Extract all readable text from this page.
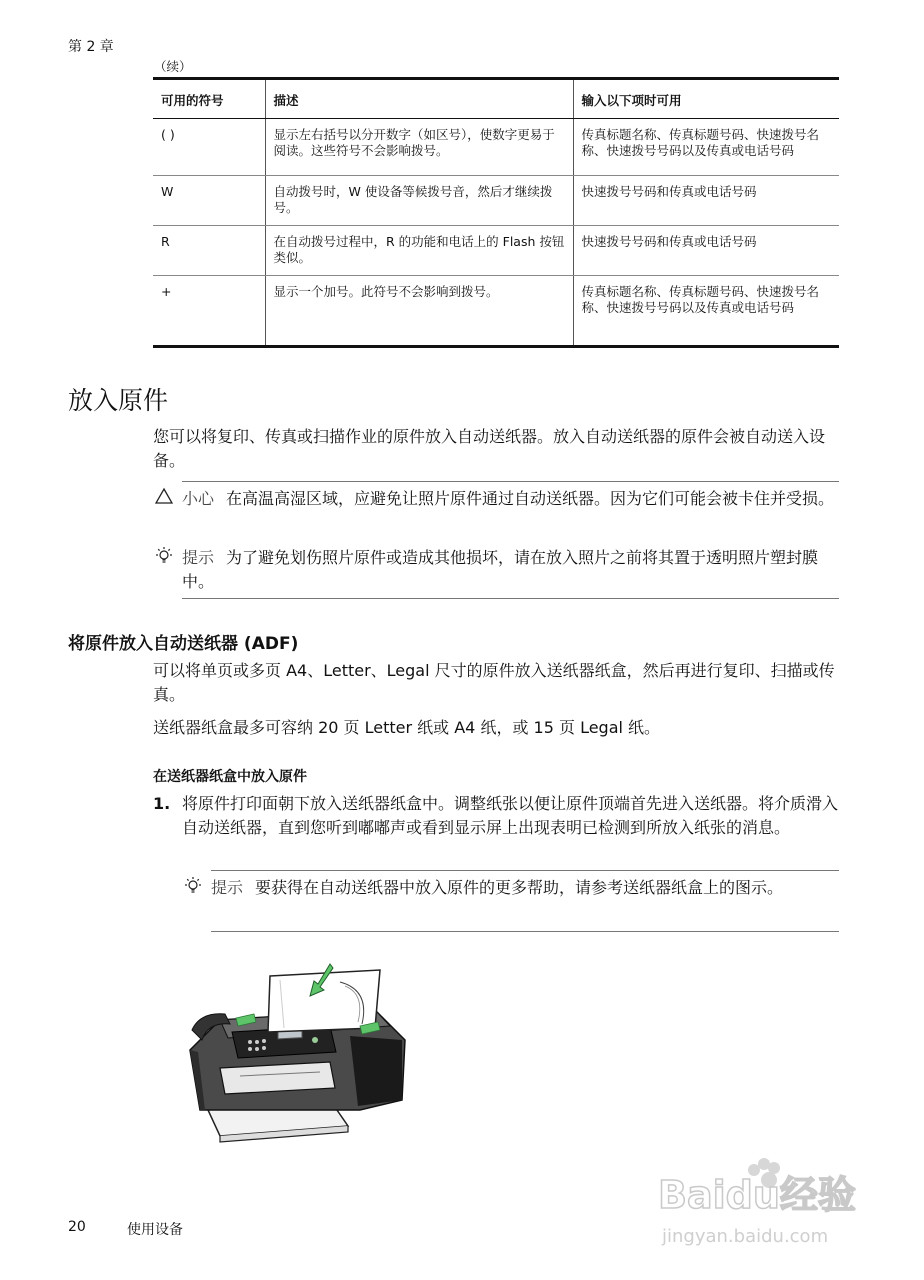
第 2 章
（续）
可用的符号	描述	输入以下项时可用
( )	显示左右括号以分开数字（如区号），使数字更易于阅读。这些符号不会影响拨号。	传真标题名称、传真标题号码、快速拨号名称、快速拨号号码以及传真或电话号码
W	自动拨号时，W 使设备等候拨号音，然后才继续拨号。	快速拨号号码和传真或电话号码
R	在自动拨号过程中，R 的功能和电话上的 Flash 按钮类似。	快速拨号号码和传真或电话号码
+	显示一个加号。此符号不会影响到拨号。	传真标题名称、传真标题号码、快速拨号名称、快速拨号号码以及传真或电话号码
放入原件
您可以将复印、传真或扫描作业的原件放入自动送纸器。放入自动送纸器的原件会被自动送入设备。
小心 在高温高湿区域，应避免让照片原件通过自动送纸器。因为它们可能会被卡住并受损。
提示 为了避免划伤照片原件或造成其他损坏，请在放入照片之前将其置于透明照片塑封膜中。
将原件放入自动送纸器 (ADF)
可以将单页或多页 A4、Letter、Legal 尺寸的原件放入送纸器纸盒，然后再进行复印、扫描或传真。
送纸器纸盒最多可容纳 20 页 Letter 纸或 A4 纸，或 15 页 Legal 纸。
在送纸器纸盒中放入原件
1. 将原件打印面朝下放入送纸器纸盒中。调整纸张以便让原件顶端首先进入送纸器。将介质滑入自动送纸器，直到您听到嘟嘟声或看到显示屏上出现表明已检测到所放入纸张的消息。
提示 要获得在自动送纸器中放入原件的更多帮助，请参考送纸器纸盒上的图示。
20	使用设备
Baidu经验
jingyan.baidu.com
